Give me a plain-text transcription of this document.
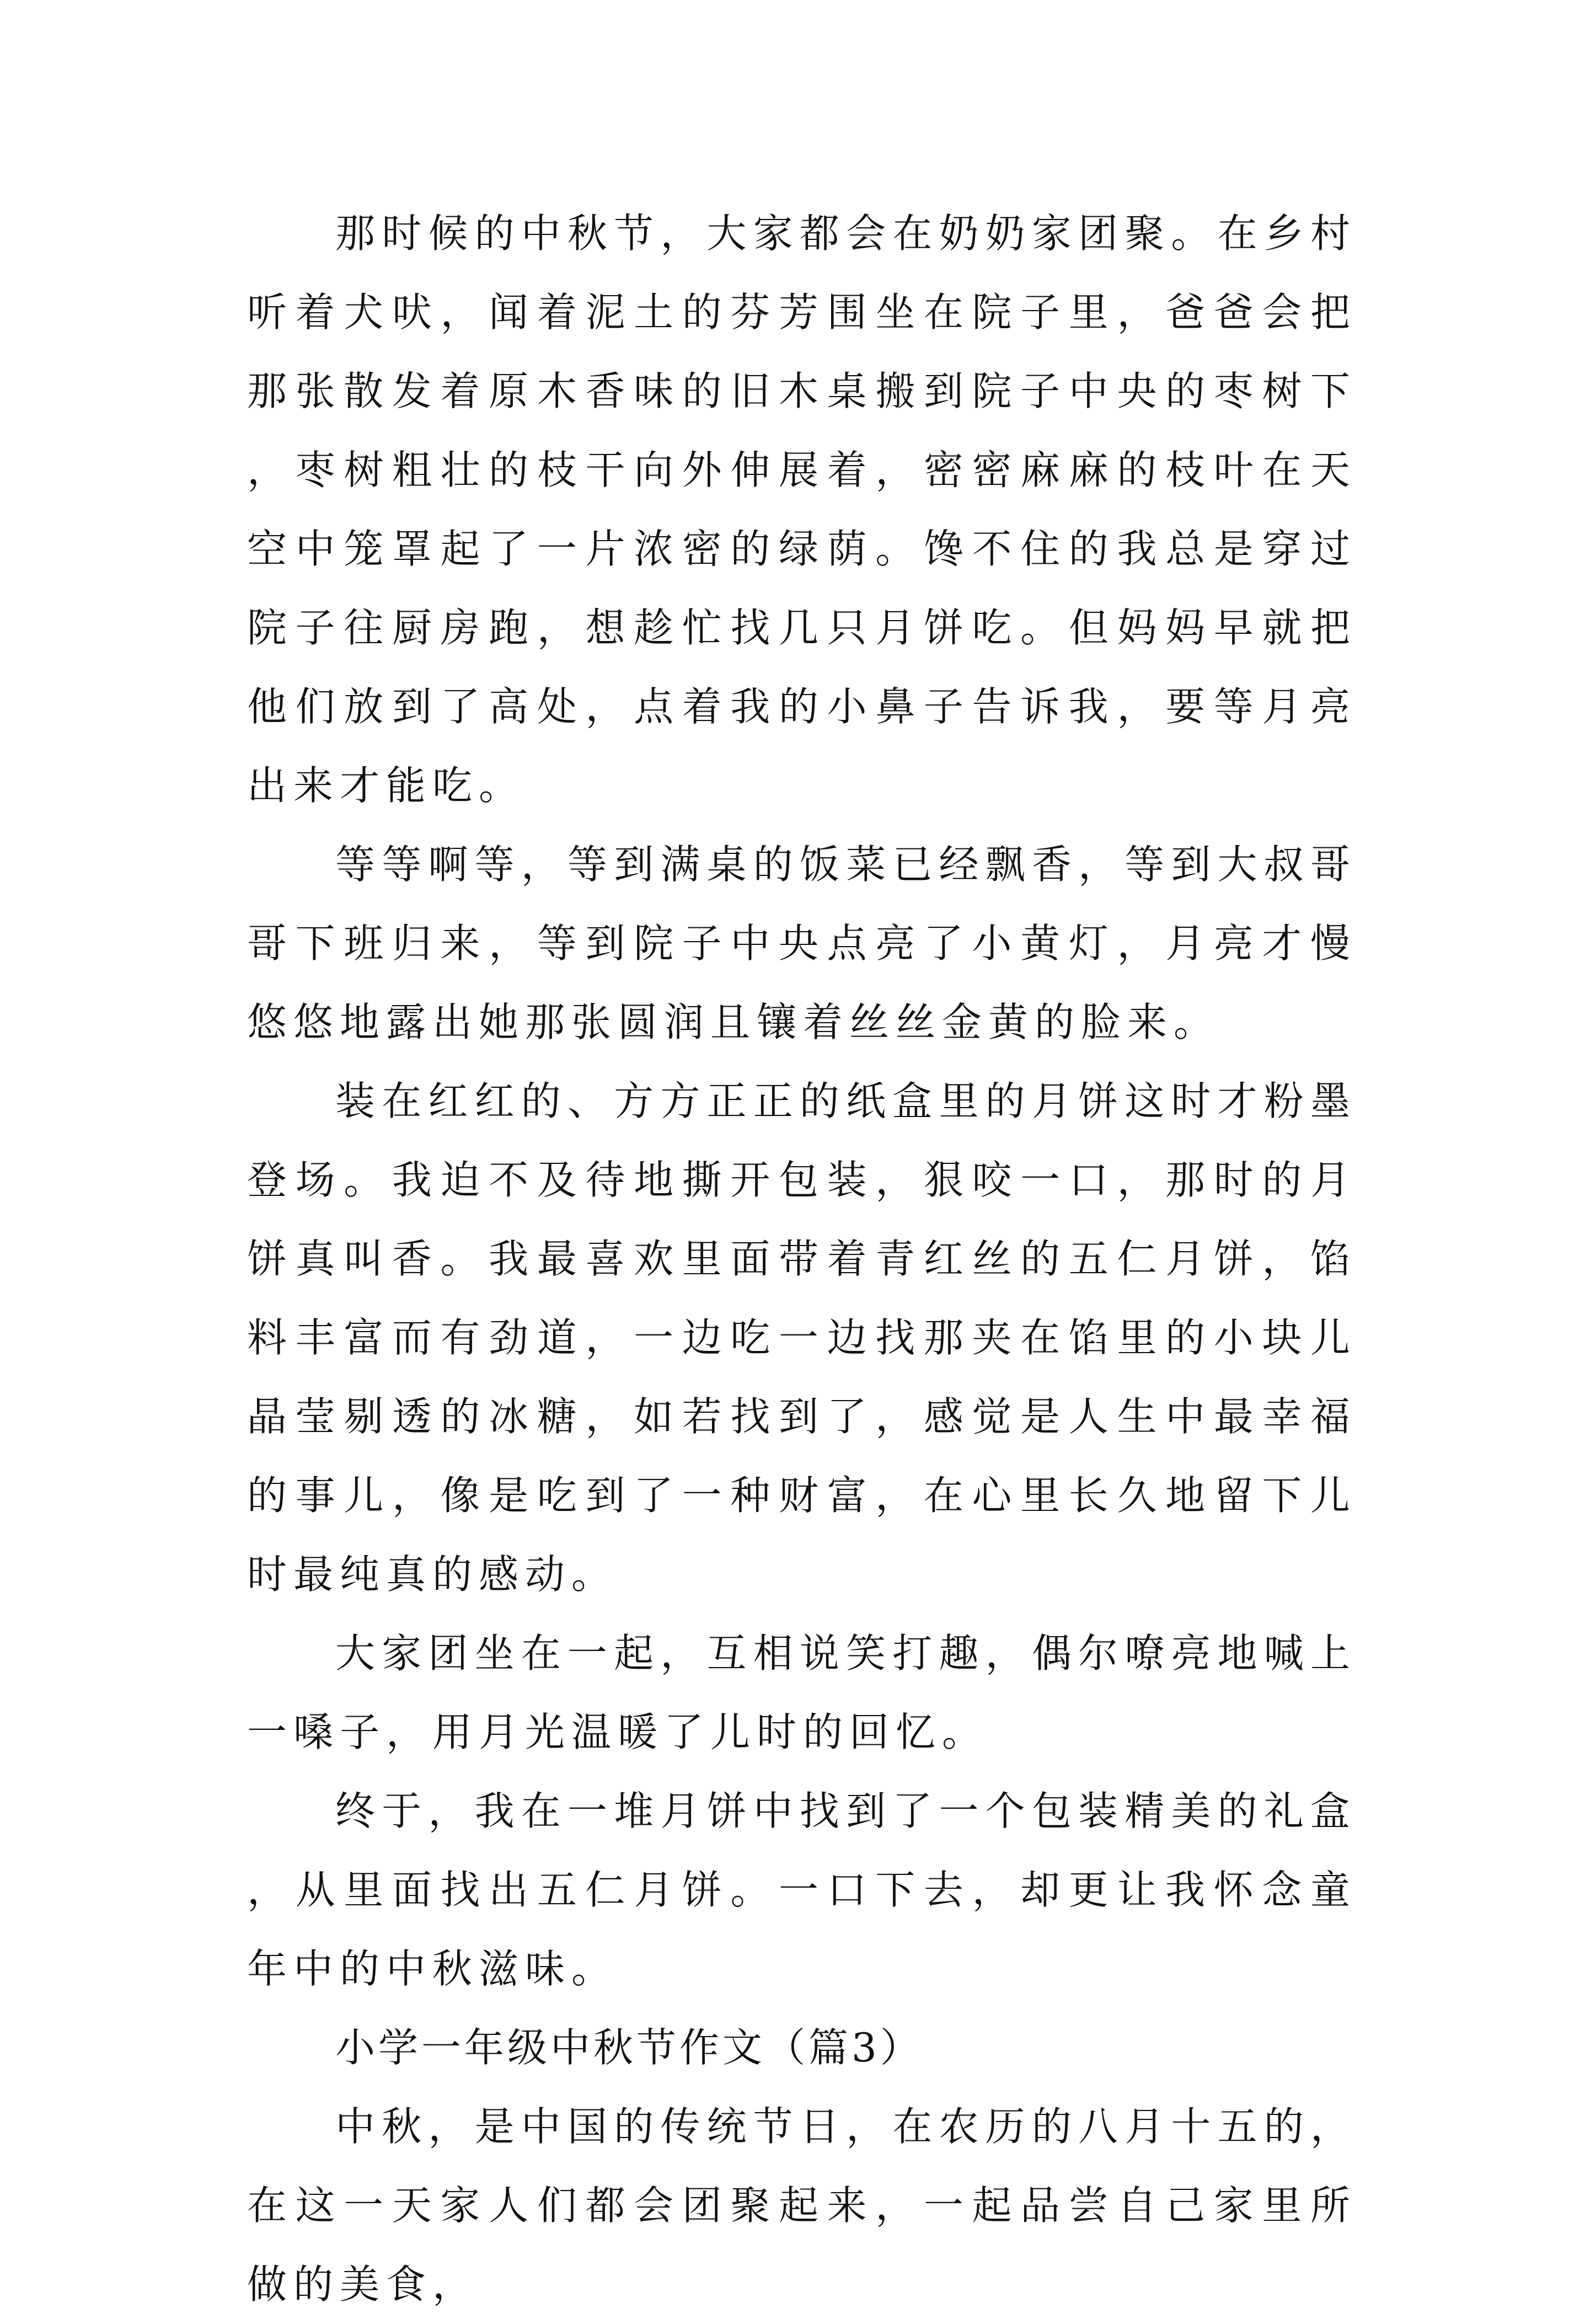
那时候的中秋节，大家都会在奶奶家团聚。在乡村听着犬吠，闻着泥土的芬芳围坐在院子里，爸爸会把那张散发着原木香味的旧木桌搬到院子中央的枣树下，枣树粗壮的枝干向外伸展着，密密麻麻的枝叶在天空中笼罩起了一片浓密的绿荫。馋不住的我总是穿过院子往厨房跑，想趁忙找几只月饼吃。但妈妈早就把他们放到了高处，点着我的小鼻子告诉我，要等月亮出来才能吃。

等等啊等，等到满桌的饭菜已经飘香，等到大叔哥哥下班归来，等到院子中央点亮了小黄灯，月亮才慢悠悠地露出她那张圆润且镶着丝丝金黄的脸来。

装在红红的、方方正正的纸盒里的月饼这时才粉墨登场。我迫不及待地撕开包装，狠咬一口，那时的月饼真叫香。我最喜欢里面带着青红丝的五仁月饼，馅料丰富而有劲道，一边吃一边找那夹在馅里的小块儿晶莹剔透的冰糖，如若找到了，感觉是人生中最幸福的事儿，像是吃到了一种财富，在心里长久地留下儿时最纯真的感动。

大家团坐在一起，互相说笑打趣，偶尔嘹亮地喊上一嗓子，用月光温暖了儿时的回忆。

终于，我在一堆月饼中找到了一个包装精美的礼盒，从里面找出五仁月饼。一口下去，却更让我怀念童年中的中秋滋味。

小学一年级中秋节作文（篇3）

中秋，是中国的传统节日，在农历的八月十五的，在这一天家人们都会团聚起来，一起品尝自己家里所做的美食，
